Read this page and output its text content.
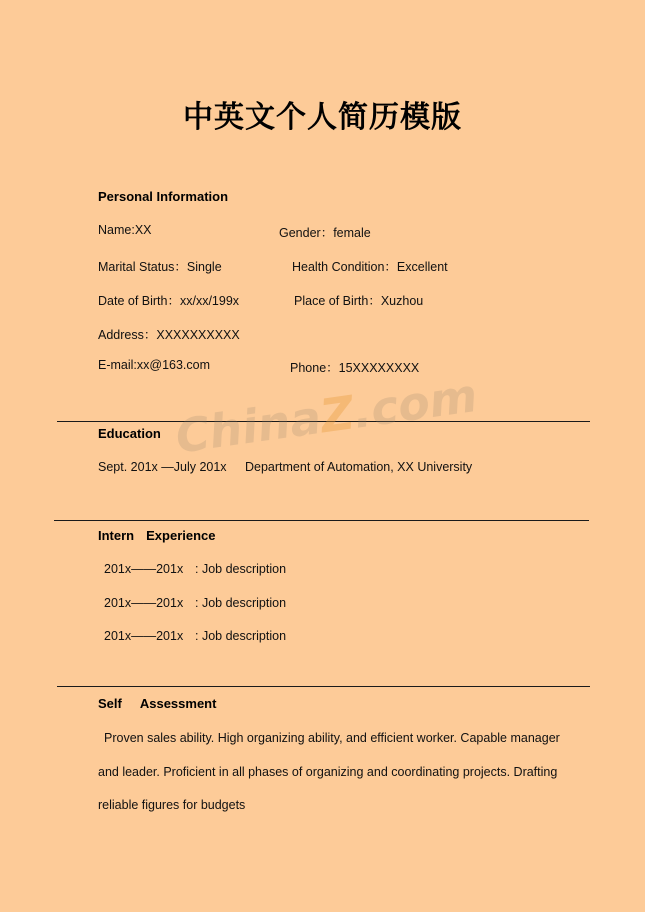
中英文个人简历模版
Personal Information
Name:XX	Gender：female
Marital Status：Single	Health Condition：Excellent
Date of Birth：xx/xx/199x	Place of Birth：Xuzhou
Address：XXXXXXXXXX
E-mail:xx@163.com	Phone：15XXXXXXXX
ChinaZ.com
Education
Sept. 201x —July 201x Department of Automation, XX University
Intern Experience
201x——201x : Job description
201x——201x : Job description
201x——201x : Job description
Self Assessment
Proven sales ability. High organizing ability, and efficient worker. Capable manager
and leader. Proficient in all phases of organizing and coordinating projects. Drafting
reliable figures for budgets
